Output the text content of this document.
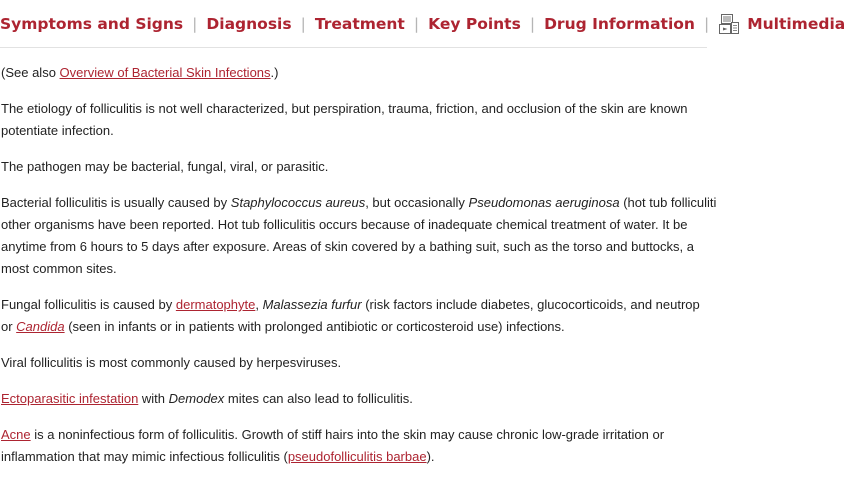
Symptoms and Signs | Diagnosis | Treatment | Key Points | Drug Information | Multimedia

(See also Overview of Bacterial Skin Infections.)

The etiology of folliculitis is not well characterized, but perspiration, trauma, friction, and occlusion of the skin are known
potentiate infection.

The pathogen may be bacterial, fungal, viral, or parasitic.

Bacterial folliculitis is usually caused by Staphylococcus aureus, but occasionally Pseudomonas aeruginosa (hot tub folliculiti
other organisms have been reported. Hot tub folliculitis occurs because of inadequate chemical treatment of water. It be
anytime from 6 hours to 5 days after exposure. Areas of skin covered by a bathing suit, such as the torso and buttocks, a
most common sites.

Fungal folliculitis is caused by dermatophyte, Malassezia furfur (risk factors include diabetes, glucocorticoids, and neutrop
or Candida (seen in infants or in patients with prolonged antibiotic or corticosteroid use) infections.

Viral folliculitis is most commonly caused by herpesviruses.

Ectoparasitic infestation with Demodex mites can also lead to folliculitis.

Acne is a noninfectious form of folliculitis. Growth of stiff hairs into the skin may cause chronic low-grade irritation or
inflammation that may mimic infectious folliculitis (pseudofolliculitis barbae).
